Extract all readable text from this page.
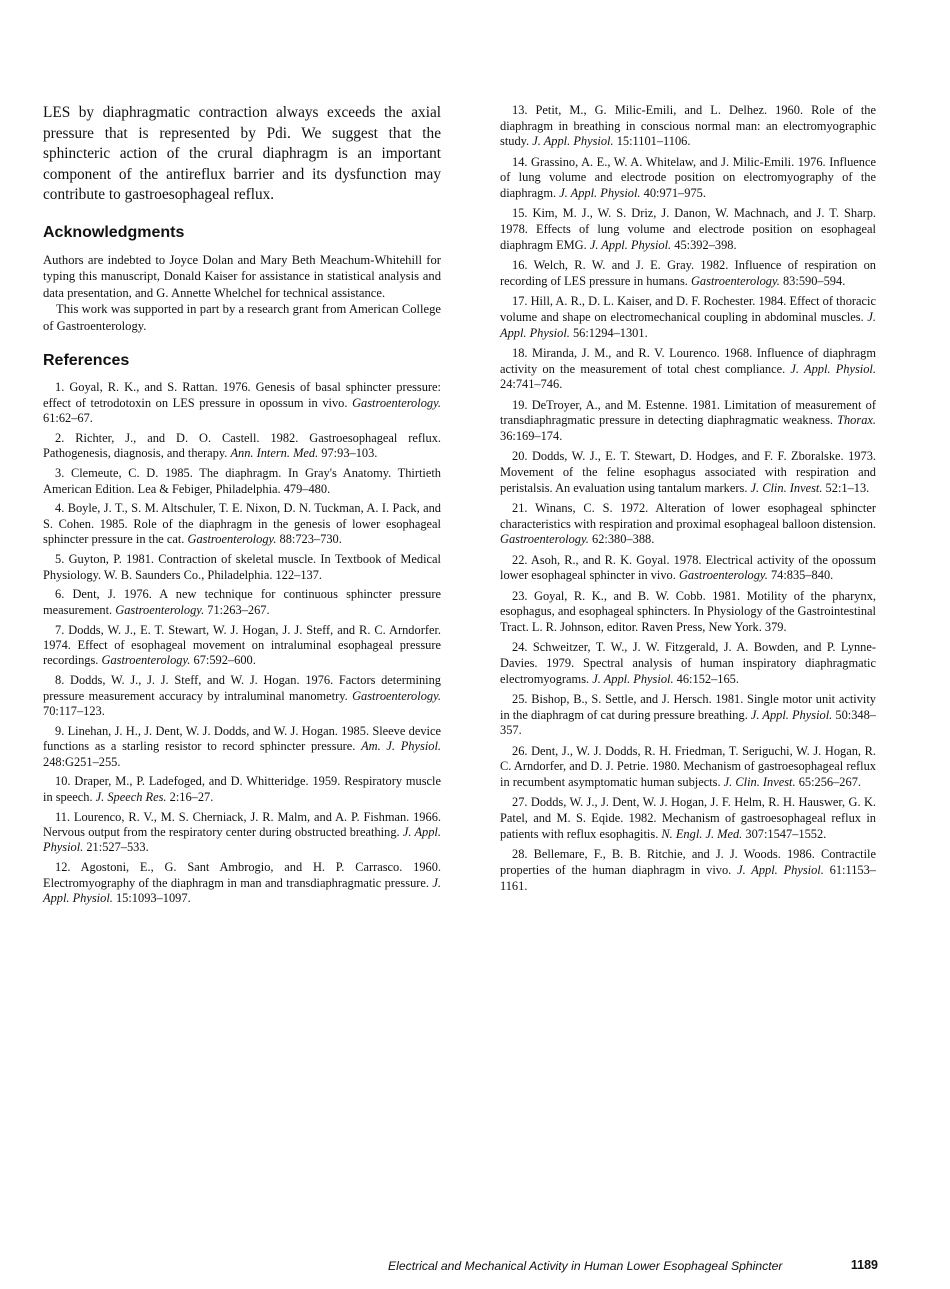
LES by diaphragmatic contraction always exceeds the axial pressure that is represented by Pdi. We suggest that the sphincteric action of the crural diaphragm is an important component of the antireflux barrier and its dysfunction may contribute to gastroesophageal reflux.

Acknowledgments

Authors are indebted to Joyce Dolan and Mary Beth Meachum-Whitehill for typing this manuscript, Donald Kaiser for assistance in statistical analysis and data presentation, and G. Annette Whelchel for technical assistance.

This work was supported in part by a research grant from American College of Gastroenterology.

References
1. Goyal, R. K., and S. Rattan. 1976. Genesis of basal sphincter pressure: effect of tetrodotoxin on LES pressure in opossum in vivo. Gastroenterology. 61:62–67.
2. Richter, J., and D. O. Castell. 1982. Gastroesophageal reflux. Pathogenesis, diagnosis, and therapy. Ann. Intern. Med. 97:93–103.
3. Clemeute, C. D. 1985. The diaphragm. In Gray's Anatomy. Thirtieth American Edition. Lea & Febiger, Philadelphia. 479–480.
4. Boyle, J. T., S. M. Altschuler, T. E. Nixon, D. N. Tuckman, A. I. Pack, and S. Cohen. 1985. Role of the diaphragm in the genesis of lower esophageal sphincter pressure in the cat. Gastroenterology. 88:723–730.
5. Guyton, P. 1981. Contraction of skeletal muscle. In Textbook of Medical Physiology. W. B. Saunders Co., Philadelphia. 122–137.
6. Dent, J. 1976. A new technique for continuous sphincter pressure measurement. Gastroenterology. 71:263–267.
7. Dodds, W. J., E. T. Stewart, W. J. Hogan, J. J. Steff, and R. C. Arndorfer. 1974. Effect of esophageal movement on intraluminal esophageal pressure recordings. Gastroenterology. 67:592–600.
8. Dodds, W. J., J. J. Steff, and W. J. Hogan. 1976. Factors determining pressure measurement accuracy by intraluminal manometry. Gastroenterology. 70:117–123.
9. Linehan, J. H., J. Dent, W. J. Dodds, and W. J. Hogan. 1985. Sleeve device functions as a starling resistor to record sphincter pressure. Am. J. Physiol. 248:G251–255.
10. Draper, M., P. Ladefoged, and D. Whitteridge. 1959. Respiratory muscle in speech. J. Speech Res. 2:16–27.
11. Lourenco, R. V., M. S. Cherniack, J. R. Malm, and A. P. Fishman. 1966. Nervous output from the respiratory center during obstructed breathing. J. Appl. Physiol. 21:527–533.
12. Agostoni, E., G. Sant Ambrogio, and H. P. Carrasco. 1960. Electromyography of the diaphragm in man and transdiaphragmatic pressure. J. Appl. Physiol. 15:1093–1097.
13. Petit, M., G. Milic-Emili, and L. Delhez. 1960. Role of the diaphragm in breathing in conscious normal man: an electromyographic study. J. Appl. Physiol. 15:1101–1106.
14. Grassino, A. E., W. A. Whitelaw, and J. Milic-Emili. 1976. Influence of lung volume and electrode position on electromyography of the diaphragm. J. Appl. Physiol. 40:971–975.
15. Kim, M. J., W. S. Driz, J. Danon, W. Machnach, and J. T. Sharp. 1978. Effects of lung volume and electrode position on esophageal diaphragm EMG. J. Appl. Physiol. 45:392–398.
16. Welch, R. W. and J. E. Gray. 1982. Influence of respiration on recording of LES pressure in humans. Gastroenterology. 83:590–594.
17. Hill, A. R., D. L. Kaiser, and D. F. Rochester. 1984. Effect of thoracic volume and shape on electromechanical coupling in abdominal muscles. J. Appl. Physiol. 56:1294–1301.
18. Miranda, J. M., and R. V. Lourenco. 1968. Influence of diaphragm activity on the measurement of total chest compliance. J. Appl. Physiol. 24:741–746.
19. DeTroyer, A., and M. Estenne. 1981. Limitation of measurement of transdiaphragmatic pressure in detecting diaphragmatic weakness. Thorax. 36:169–174.
20. Dodds, W. J., E. T. Stewart, D. Hodges, and F. F. Zboralske. 1973. Movement of the feline esophagus associated with respiration and peristalsis. An evaluation using tantalum markers. J. Clin. Invest. 52:1–13.
21. Winans, C. S. 1972. Alteration of lower esophageal sphincter characteristics with respiration and proximal esophageal balloon distension. Gastroenterology. 62:380–388.
22. Asoh, R., and R. K. Goyal. 1978. Electrical activity of the opossum lower esophageal sphincter in vivo. Gastroenterology. 74:835–840.
23. Goyal, R. K., and B. W. Cobb. 1981. Motility of the pharynx, esophagus, and esophageal sphincters. In Physiology of the Gastrointestinal Tract. L. R. Johnson, editor. Raven Press, New York. 379.
24. Schweitzer, T. W., J. W. Fitzgerald, J. A. Bowden, and P. Lynne-Davies. 1979. Spectral analysis of human inspiratory diaphragmatic electromyograms. J. Appl. Physiol. 46:152–165.
25. Bishop, B., S. Settle, and J. Hersch. 1981. Single motor unit activity in the diaphragm of cat during pressure breathing. J. Appl. Physiol. 50:348–357.
26. Dent, J., W. J. Dodds, R. H. Friedman, T. Seriguchi, W. J. Hogan, R. C. Arndorfer, and D. J. Petrie. 1980. Mechanism of gastroesophageal reflux in recumbent asymptomatic human subjects. J. Clin. Invest. 65:256–267.
27. Dodds, W. J., J. Dent, W. J. Hogan, J. F. Helm, R. H. Hauswer, G. K. Patel, and M. S. Eqide. 1982. Mechanism of gastroesophageal reflux in patients with reflux esophagitis. N. Engl. J. Med. 307:1547–1552.
28. Bellemare, F., B. B. Ritchie, and J. J. Woods. 1986. Contractile properties of the human diaphragm in vivo. J. Appl. Physiol. 61:1153–1161.
Electrical and Mechanical Activity in Human Lower Esophageal Sphincter	1189
